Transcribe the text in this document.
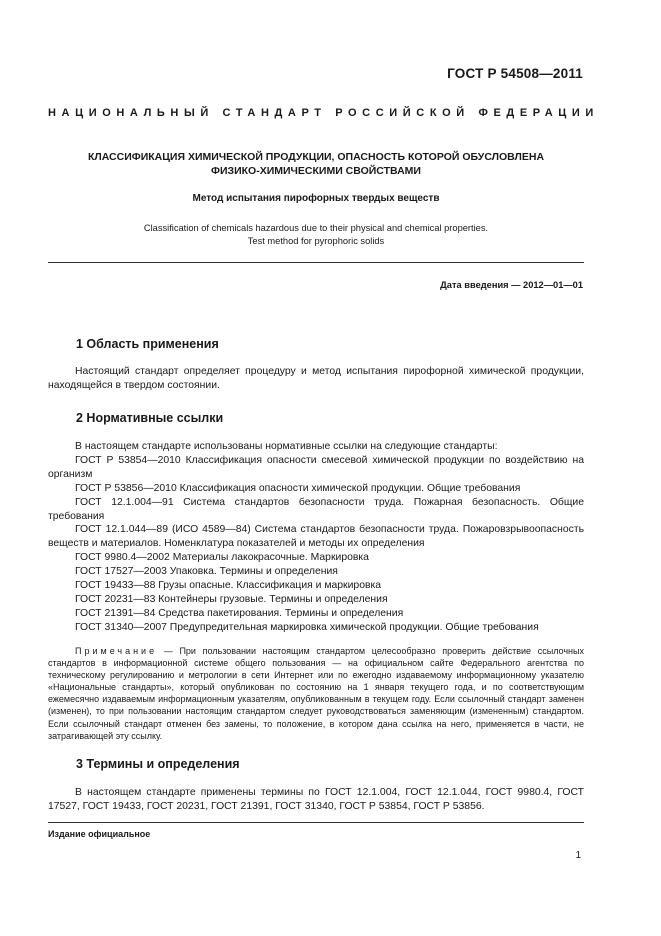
ГОСТ Р 54508—2011
НАЦИОНАЛЬНЫЙ СТАНДАРТ РОССИЙСКОЙ ФЕДЕРАЦИИ
КЛАССИФИКАЦИЯ ХИМИЧЕСКОЙ ПРОДУКЦИИ, ОПАСНОСТЬ КОТОРОЙ ОБУСЛОВЛЕНА
ФИЗИКО-ХИМИЧЕСКИМИ СВОЙСТВАМИ
Метод испытания пирофорных твердых веществ
Classification of chemicals hazardous due to their physical and chemical properties.
Test method for pyrophoric solids
Дата введения — 2012—01—01
1 Область применения

Настоящий стандарт определяет процедуру и метод испытания пирофорной химической продукции, находящейся в твердом состоянии.

2 Нормативные ссылки

В настоящем стандарте использованы нормативные ссылки на следующие стандарты:

ГОСТ Р 53854—2010 Классификация опасности смесевой химической продукции по воздействию на организм

ГОСТ Р 53856—2010 Классификация опасности химической продукции. Общие требования

ГОСТ 12.1.004—91 Система стандартов безопасности труда. Пожарная безопасность. Общие требования

ГОСТ 12.1.044—89 (ИСО 4589—84) Система стандартов безопасности труда. Пожаровзрывоопасность веществ и материалов. Номенклатура показателей и методы их определения

ГОСТ 9980.4—2002 Материалы лакокрасочные. Маркировка

ГОСТ 17527—2003 Упаковка. Термины и определения

ГОСТ 19433—88 Грузы опасные. Классификация и маркировка

ГОСТ 20231—83 Контейнеры грузовые. Термины и определения

ГОСТ 21391—84 Средства пакетирования. Термины и определения

ГОСТ 31340—2007 Предупредительная маркировка химической продукции. Общие требования

Примечание — При пользовании настоящим стандартом целесообразно проверить действие ссылочных стандартов в информационной системе общего пользования — на официальном сайте Федерального агентства по техническому регулированию и метрологии в сети Интернет или по ежегодно издаваемому информационному указателю «Национальные стандарты», который опубликован по состоянию на 1 января текущего года, и по соответствующим ежемесячно издаваемым информационным указателям, опубликованным в текущем году. Если ссылочный стандарт заменен (изменен), то при пользовании настоящим стандартом следует руководствоваться заменяющим (измененным) стандартом. Если ссылочный стандарт отменен без замены, то положение, в котором дана ссылка на него, применяется в части, не затрагивающей эту ссылку.

3 Термины и определения

В настоящем стандарте применены термины по ГОСТ 12.1.004, ГОСТ 12.1.044, ГОСТ 9980.4, ГОСТ 17527, ГОСТ 19433, ГОСТ 20231, ГОСТ 21391, ГОСТ 31340, ГОСТ Р 53854, ГОСТ Р 53856.

Издание официальное
1
